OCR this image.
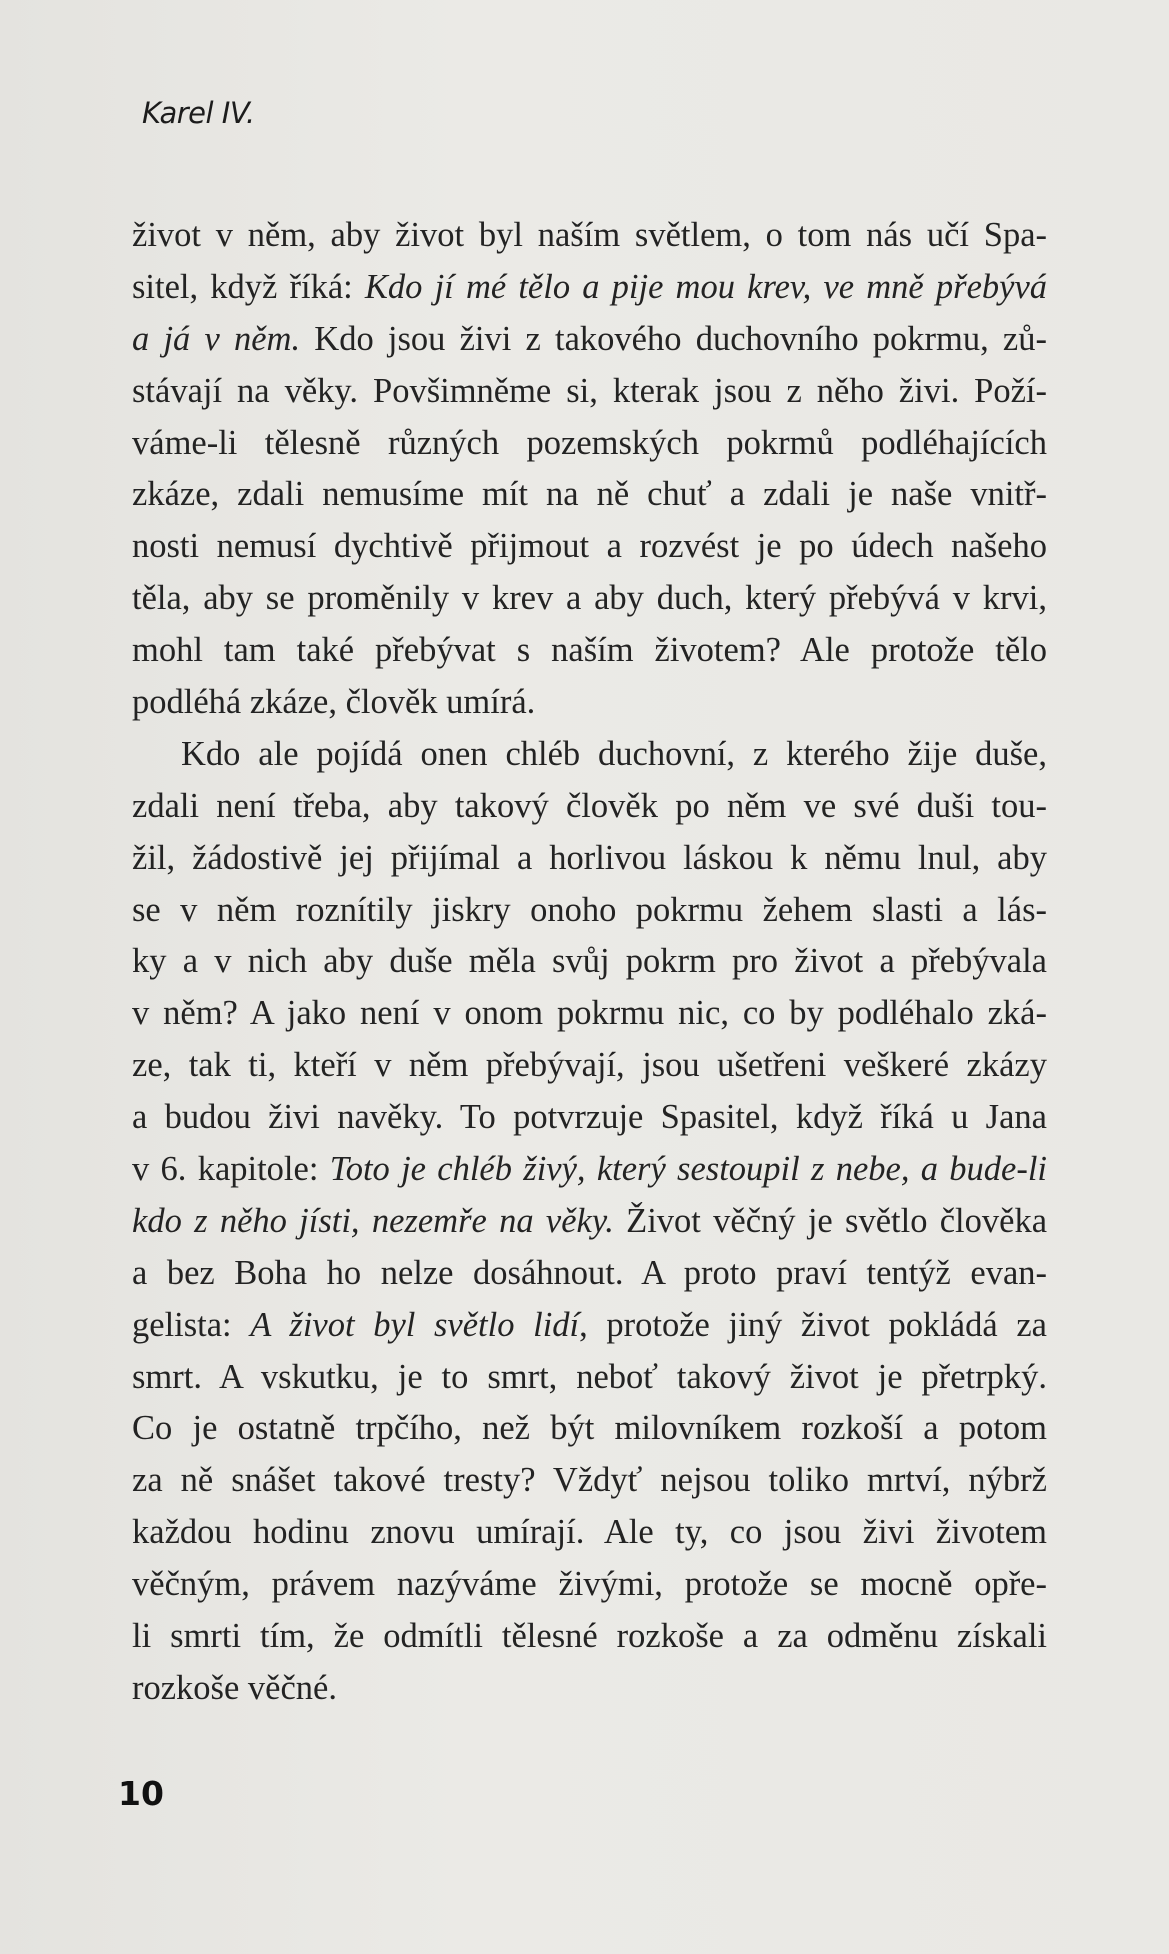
Karel IV.
život v něm, aby život byl naším světlem, o tom nás učí Spa-
sitel, když říká: Kdo jí mé tělo a pije mou krev, ve mně přebývá
a já v něm. Kdo jsou živi z takového duchovního pokrmu, zů-
stávají na věky. Povšimněme si, kterak jsou z něho živi. Poží-
váme-li tělesně různých pozemských pokrmů podléhajících
zkáze, zdali nemusíme mít na ně chuť a zdali je naše vnitř-
nosti nemusí dychtivě přijmout a rozvést je po údech našeho
těla, aby se proměnily v krev a aby duch, který přebývá v krvi,
mohl tam také přebývat s naším životem? Ale protože tělo
podléhá zkáze, člověk umírá.
Kdo ale pojídá onen chléb duchovní, z kterého žije duše,
zdali není třeba, aby takový člověk po něm ve své duši tou-
žil, žádostivě jej přijímal a horlivou láskou k němu lnul, aby
se v něm roznítily jiskry onoho pokrmu žehem slasti a lás-
ky a v nich aby duše měla svůj pokrm pro život a přebývala
v něm? A jako není v onom pokrmu nic, co by podléhalo zká-
ze, tak ti, kteří v něm přebývají, jsou ušetřeni veškeré zkázy
a budou živi navěky. To potvrzuje Spasitel, když říká u Jana
v 6. kapitole: Toto je chléb živý, který sestoupil z nebe, a bude-li
kdo z něho jísti, nezemře na věky. Život věčný je světlo člověka
a bez Boha ho nelze dosáhnout. A proto praví tentýž evan-
gelista: A život byl světlo lidí, protože jiný život pokládá za
smrt. A vskutku, je to smrt, neboť takový život je přetrpký.
Co je ostatně trpčího, než být milovníkem rozkoší a potom
za ně snášet takové tresty? Vždyť nejsou toliko mrtví, nýbrž
každou hodinu znovu umírají. Ale ty, co jsou živi životem
věčným, právem nazýváme živými, protože se mocně opře-
li smrti tím, že odmítli tělesné rozkoše a za odměnu získali
rozkoše věčné.
10
